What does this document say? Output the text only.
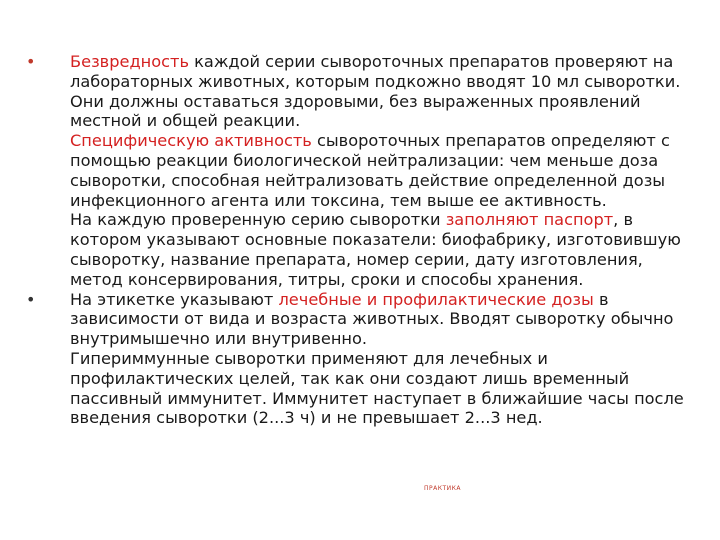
•	Безвредность каждой серии сывороточных препаратов проверяют на лабораторных животных, которым подкожно вводят 10 мл сыворотки. Они должны оставаться здоровыми, без выраженных проявлений местной и общей реакции.
Специфическую активность сывороточных препаратов определяют с помощью реакции биологической нейтрализации: чем меньше доза сыворотки, способная нейтрализовать действие определенной дозы инфекционного агента или токсина, тем выше ее активность.
На каждую проверенную серию сыворотки заполняют паспорт, в котором указывают основные показатели: биофабрику, изготовившую сыворотку, название препарата, номер серии, дату изготовления, метод консервирования, титры, сроки и способы хранения.
•	На этикетке указывают лечебные и профилактические дозы в зависимости от вида и возраста животных. Вводят сыворотку обычно внутримышечно или внутривенно.
Гипериммунные сыворотки применяют для лечебных и профилактических целей, так как они создают лишь временный пассивный иммунитет. Иммунитет наступает в ближайшие часы после введения сыворотки (2...3 ч) и не превышает 2...3 нед.
ПРАКТИКА
